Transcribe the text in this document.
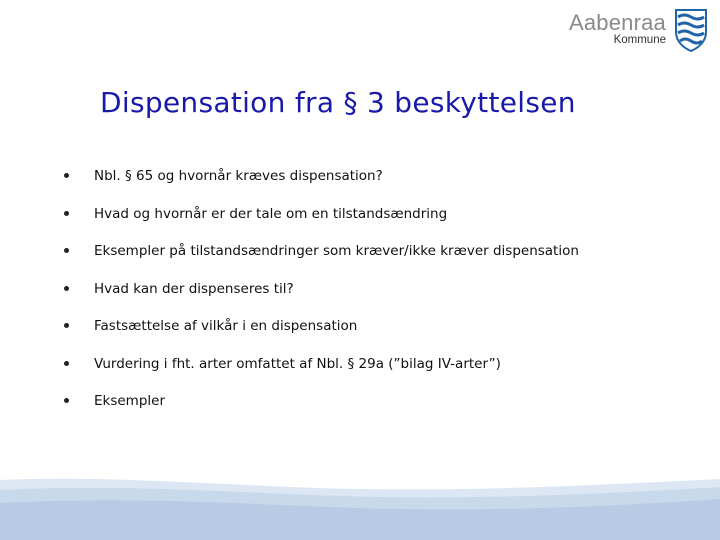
Aabenraa
Kommune
Dispensation fra § 3 beskyttelsen
Nbl. § 65 og hvornår kræves dispensation?
Hvad og hvornår er der tale om en tilstandsændring
Eksempler på tilstandsændringer som kræver/ikke kræver dispensation
Hvad kan der dispenseres til?
Fastsættelse af vilkår i en dispensation
Vurdering i fht. arter omfattet af Nbl. § 29a (”bilag IV-arter”)
Eksempler
